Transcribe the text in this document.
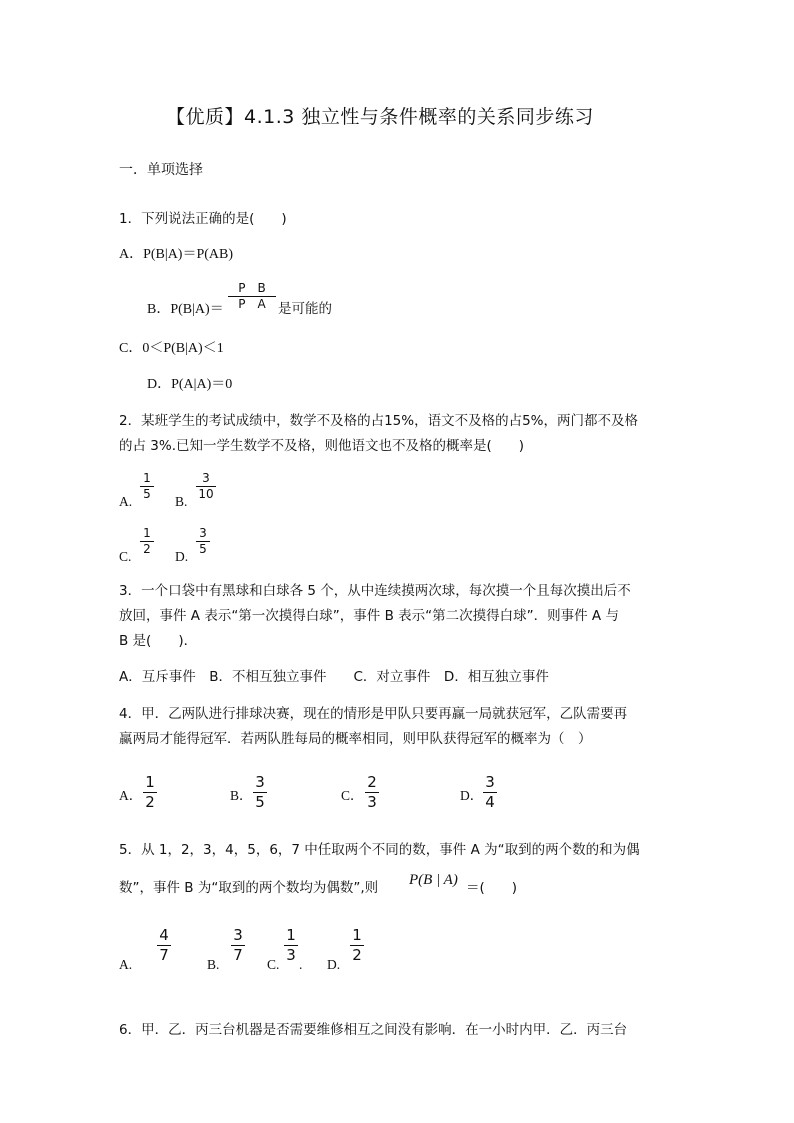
【优质】4.1.3 独立性与条件概率的关系同步练习
一．单项选择
1．下列说法正确的是(　　)
A．P(B|A)＝P(AB)
B．P(B|A)＝
P　B
P　A 是可能的
C．0＜P(B|A)＜1
D．P(A|A)＝0
2．某班学生的考试成绩中，数学不及格的占15%，语文不及格的占5%，两门都不及格
的占 3%.已知一学生数学不及格，则他语文也不及格的概率是(　　)
A.
1
5 B.
3
10
C.
1
2 D.
3
5
3．一个口袋中有黑球和白球各 5 个，从中连续摸两次球，每次摸一个且每次摸出后不
放回，事件 A 表示“第一次摸得白球”，事件 B 表示“第二次摸得白球”．则事件 A 与
B 是(　　)．
A．互斥事件　B．不相互独立事件　　C．对立事件　D．相互独立事件
4．甲．乙两队进行排球决赛，现在的情形是甲队只要再赢一局就获冠军，乙队需要再
赢两局才能得冠军．若两队胜每局的概率相同，则甲队获得冠军的概率为（　）
A．
1
2	B．
3
5	C．
2
3	D．
3
4
5．从 1，2，3，4，5，6，7 中任取两个不同的数，事件 A 为“取到的两个数的和为偶
数”，事件 B 为“取到的两个数均为偶数”,则 P(B | A) ＝(　　)
A.
4
7
B.
3
7
C.
1
3
. D.
1
2
6．甲．乙．丙三台机器是否需要维修相互之间没有影响．在一小时内甲．乙．丙三台
